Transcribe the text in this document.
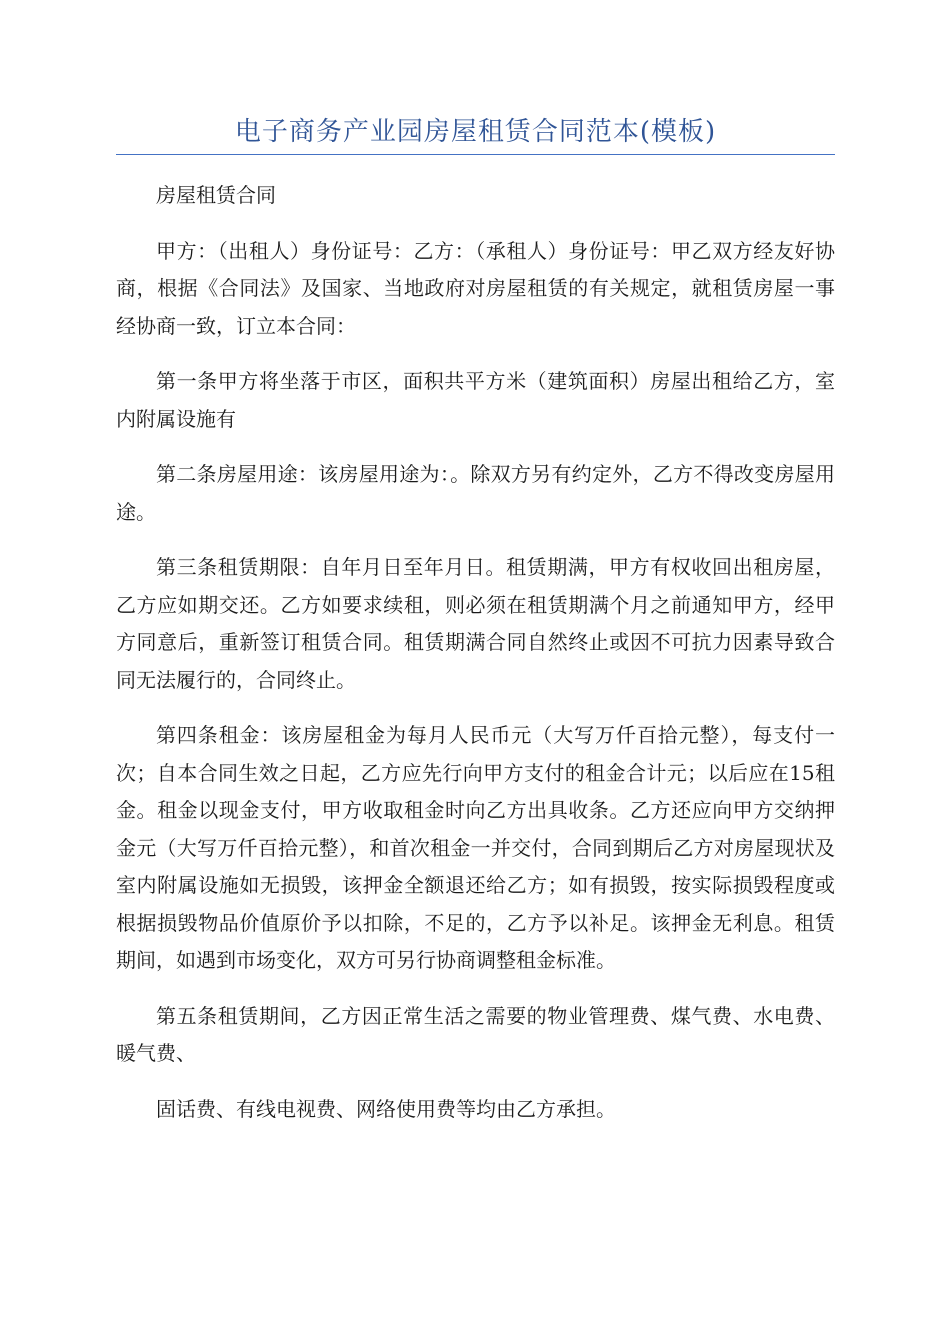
电子商务产业园房屋租赁合同范本(模板)

房屋租赁合同

甲方：（出租人）身份证号：乙方：（承租人）身份证号：甲乙双方经友好协商，根据《合同法》及国家、当地政府对房屋租赁的有关规定，就租赁房屋一事经协商一致，订立本合同：

第一条甲方将坐落于市区，面积共平方米（建筑面积）房屋出租给乙方，室内附属设施有

第二条房屋用途：该房屋用途为：。除双方另有约定外，乙方不得改变房屋用途。

第三条租赁期限：自年月日至年月日。租赁期满，甲方有权收回出租房屋，乙方应如期交还。乙方如要求续租，则必须在租赁期满个月之前通知甲方，经甲方同意后，重新签订租赁合同。租赁期满合同自然终止或因不可抗力因素导致合同无法履行的，合同终止。

第四条租金：该房屋租金为每月人民币元（大写万仟百拾元整），每支付一次；自本合同生效之日起，乙方应先行向甲方支付的租金合计元；以后应在15租金。租金以现金支付，甲方收取租金时向乙方出具收条。乙方还应向甲方交纳押金元（大写万仟百拾元整），和首次租金一并交付，合同到期后乙方对房屋现状及室内附属设施如无损毁，该押金全额退还给乙方；如有损毁，按实际损毁程度或根据损毁物品价值原价予以扣除，不足的，乙方予以补足。该押金无利息。租赁期间，如遇到市场变化，双方可另行协商调整租金标准。

第五条租赁期间，乙方因正常生活之需要的物业管理费、煤气费、水电费、暖气费、

固话费、有线电视费、网络使用费等均由乙方承担。
